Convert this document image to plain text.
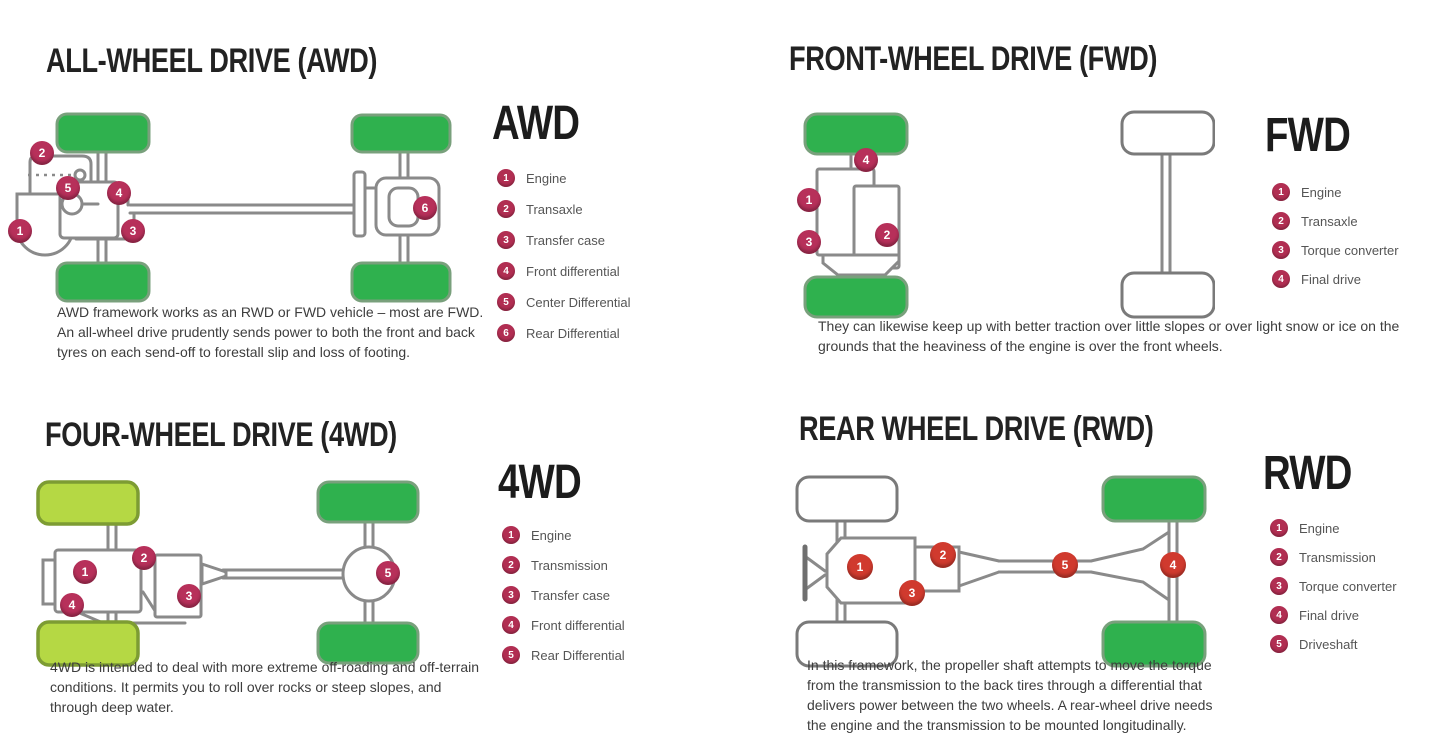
ALL-WHEEL DRIVE (AWD)
1
2
3
4
5
6
AWD
1	Engine
2	Transaxle
3	Transfer case
4	Front differential
5	Center Differential
6	Rear Differential
AWD framework works as an RWD or FWD vehicle – most are FWD. An all-wheel drive prudently sends power to both the front and back tyres on each send-off to forestall slip and loss of footing.
FRONT-WHEEL DRIVE (FWD)
1
2
3
4	FWD
1	Engine
2	Transaxle
3	Torque converter
4	Final drive
They can likewise keep up with better traction over little slopes or over light snow or ice on the grounds that the heaviness of the engine is over the front wheels.
FOUR-WHEEL DRIVE (4WD)
1
2
3
4
5
4WD
1	Engine
2	Transmission
3	Transfer case
4	Front differential
5	Rear Differential
4WD is intended to deal with more extreme off-roading and off-terrain conditions. It permits you to roll over rocks or steep slopes, and through deep water.
REAR WHEEL DRIVE (RWD)
1
2
3
4
5
RWD
1	Engine
2	Transmission
3	Torque converter
4	Final drive
5	Driveshaft
In this framework, the propeller shaft attempts to move the torque from the transmission to the back tires through a differential that delivers power between the two wheels. A rear-wheel drive needs the engine and the transmission to be mounted longitudinally.
